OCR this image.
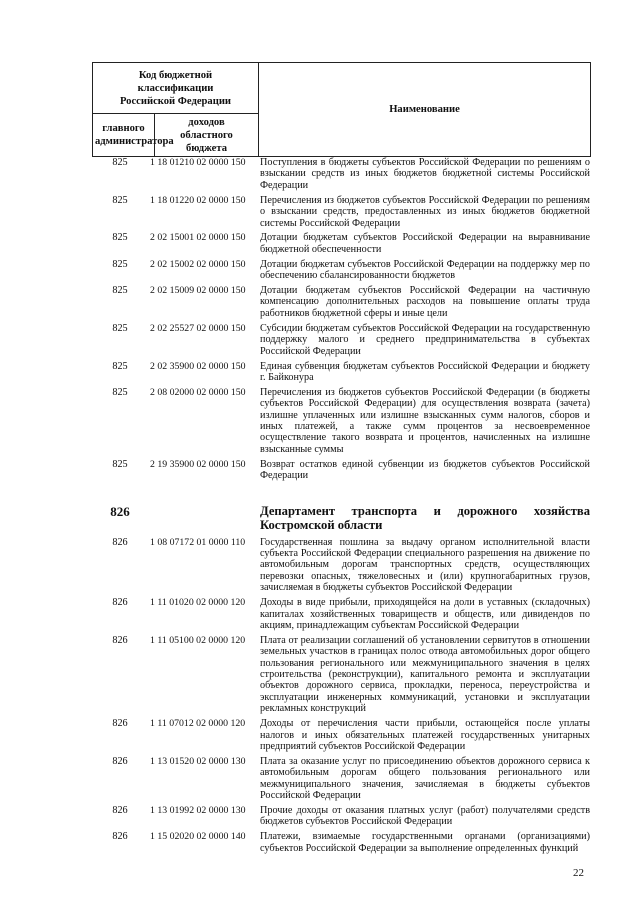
Код бюджетной классификации Российской Федерации		Наименование
главного администратора	доходов областного бюджета	
825	1 18 01210 02 0000 150	Поступления в бюджеты субъектов Российской Федерации по решениям о взыскании средств из иных бюджетов бюджетной системы Российской Федерации
825	1 18 01220 02 0000 150	Перечисления из бюджетов субъектов Российской Федерации по решениям о взыскании средств, предоставленных из иных бюджетов бюджетной системы Российской Федерации
825	2 02 15001 02 0000 150	Дотации бюджетам субъектов Российской Федерации на выравнивание бюджетной обеспеченности
825	2 02 15002 02 0000 150	Дотации бюджетам субъектов Российской Федерации на поддержку мер по обеспечению сбалансированности бюджетов
825	2 02 15009 02 0000 150	Дотации бюджетам субъектов Российской Федерации на частичную компенсацию дополнительных расходов на повышение оплаты труда работников бюджетной сферы и иные цели
825	2 02 25527 02 0000 150	Субсидии бюджетам субъектов Российской Федерации на государственную поддержку малого и среднего предпринимательства в субъектах Российской Федерации
825	2 02 35900 02 0000 150	Единая субвенция бюджетам субъектов Российской Федерации и бюджету г. Байконура
825	2 08 02000 02 0000 150	Перечисления из бюджетов субъектов Российской Федерации (в бюджеты субъектов Российской Федерации) для осуществления возврата (зачета) излишне уплаченных или излишне взысканных сумм налогов, сборов и иных платежей, а также сумм процентов за несвоевременное осуществление такого возврата и процентов, начисленных на излишне взысканные суммы
825	2 19 35900 02 0000 150	Возврат остатков единой субвенции из бюджетов субъектов Российской Федерации
826	Департамент транспорта и дорожного хозяйства Костромской области
826	1 08 07172 01 0000 110	Государственная пошлина за выдачу органом исполнительной власти субъекта Российской Федерации специального разрешения на движение по автомобильным дорогам транспортных средств, осуществляющих перевозки опасных, тяжеловесных и (или) крупногабаритных грузов, зачисляемая в бюджеты субъектов Российской Федерации
826	1 11 01020 02 0000 120	Доходы в виде прибыли, приходящейся на доли в уставных (складочных) капиталах хозяйственных товариществ и обществ, или дивидендов по акциям, принадлежащим субъектам Российской Федерации
826	1 11 05100 02 0000 120	Плата от реализации соглашений об установлении сервитутов в отношении земельных участков в границах полос отвода автомобильных дорог общего пользования регионального или межмуниципального значения в целях строительства (реконструкции), капитального ремонта и эксплуатации объектов дорожного сервиса, прокладки, переноса, переустройства и эксплуатации инженерных коммуникаций, установки и эксплуатации рекламных конструкций
826	1 11 07012 02 0000 120	Доходы от перечисления части прибыли, остающейся после уплаты налогов и иных обязательных платежей государственных унитарных предприятий субъектов Российской Федерации
826	1 13 01520 02 0000 130	Плата за оказание услуг по присоединению объектов дорожного сервиса к автомобильным дорогам общего пользования регионального или межмуниципального значения, зачисляемая в бюджеты субъектов Российской Федерации
826	1 13 01992 02 0000 130	Прочие доходы от оказания платных услуг (работ) получателями средств бюджетов субъектов Российской Федерации
826	1 15 02020 02 0000 140	Платежи, взимаемые государственными органами (организациями) субъектов Российской Федерации за выполнение определенных функций
22
